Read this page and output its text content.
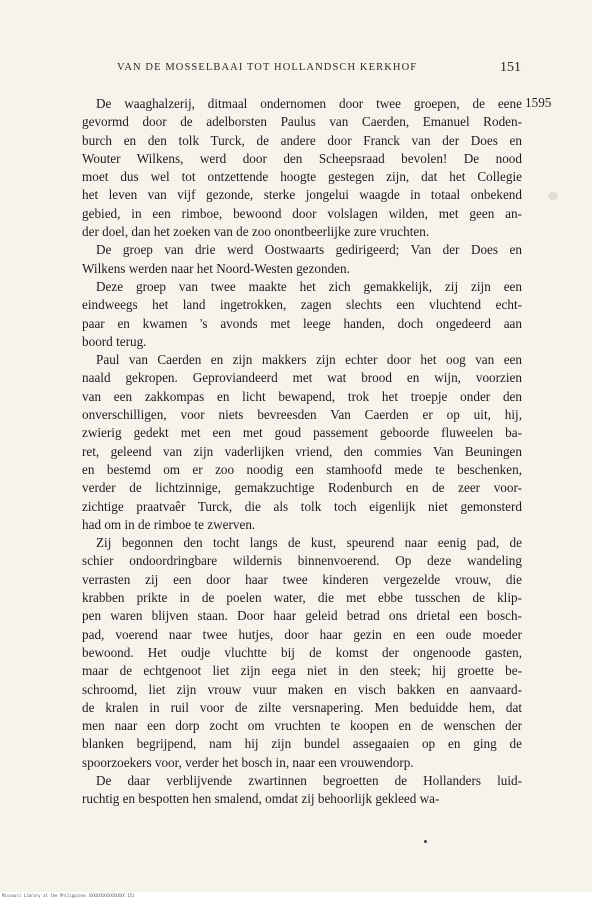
VAN DE MOSSELBAAI TOT HOLLANDSCH KERKHOF	151
1595
De waaghalzerij, ditmaal ondernomen door twee groepen, de eene
gevormd door de adelborsten Paulus van Caerden, Emanuel Roden-
burch en den tolk Turck, de andere door Franck van der Does en
Wouter Wilkens, werd door den Scheepsraad bevolen! De nood
moet dus wel tot ontzettende hoogte gestegen zijn, dat het Collegie
het leven van vijf gezonde, sterke jongelui waagde in totaal onbekend
gebied, in een rimboe, bewoond door volslagen wilden, met geen an-
der doel, dan het zoeken van de zoo onontbeerlijke zure vruchten.
De groep van drie werd Oostwaarts gedirigeerd; Van der Does en
Wilkens werden naar het Noord-Westen gezonden.
Deze groep van twee maakte het zich gemakkelijk, zij zijn een
eindweegs het land ingetrokken, zagen slechts een vluchtend echt-
paar en kwamen 's avonds met leege handen, doch ongedeerd aan
boord terug.
Paul van Caerden en zijn makkers zijn echter door het oog van een
naald gekropen. Geproviandeerd met wat brood en wijn, voorzien
van een zakkompas en licht bewapend, trok het troepje onder den
onverschilligen, voor niets bevreesden Van Caerden er op uit, hij,
zwierig gedekt met een met goud passement geboorde fluweelen ba-
ret, geleend van zijn vaderlijken vriend, den commies Van Beuningen
en bestemd om er zoo noodig een stamhoofd mede te beschenken,
verder de lichtzinnige, gemakzuchtige Rodenburch en de zeer voor-
zichtige praatvaêr Turck, die als tolk toch eigenlijk niet gemonsterd
had om in de rimboe te zwerven.
Zij begonnen den tocht langs de kust, speurend naar eenig pad, de
schier ondoordringbare wildernis binnenvoerend. Op deze wandeling
verrasten zij een door haar twee kinderen vergezelde vrouw, die
krabben prikte in de poelen water, die met ebbe tusschen de klip-
pen waren blijven staan. Door haar geleid betrad ons drietal een bosch-
pad, voerend naar twee hutjes, door haar gezin en een oude moeder
bewoond. Het oudje vluchtte bij de komst der ongenoode gasten,
maar de echtgenoot liet zijn eega niet in den steek; hij groette be-
schroomd, liet zijn vrouw vuur maken en visch bakken en aanvaard-
de kralen in ruil voor de zilte versnapering. Men beduidde hem, dat
men naar een dorp zocht om vruchten te koopen en de wenschen der
blanken begrijpend, nam hij zijn bundel assegaaien op en ging de
spoorzoekers voor, verder het bosch in, naar een vrouwendorp.
De daar verblijvende zwartinnen begroetten de Hollanders luid-
ruchtig en bespotten hen smalend, omdat zij behoorlijk gekleed wa-
Missouri Library at the Philippines XXXXXXXXXXXXXXX 151
